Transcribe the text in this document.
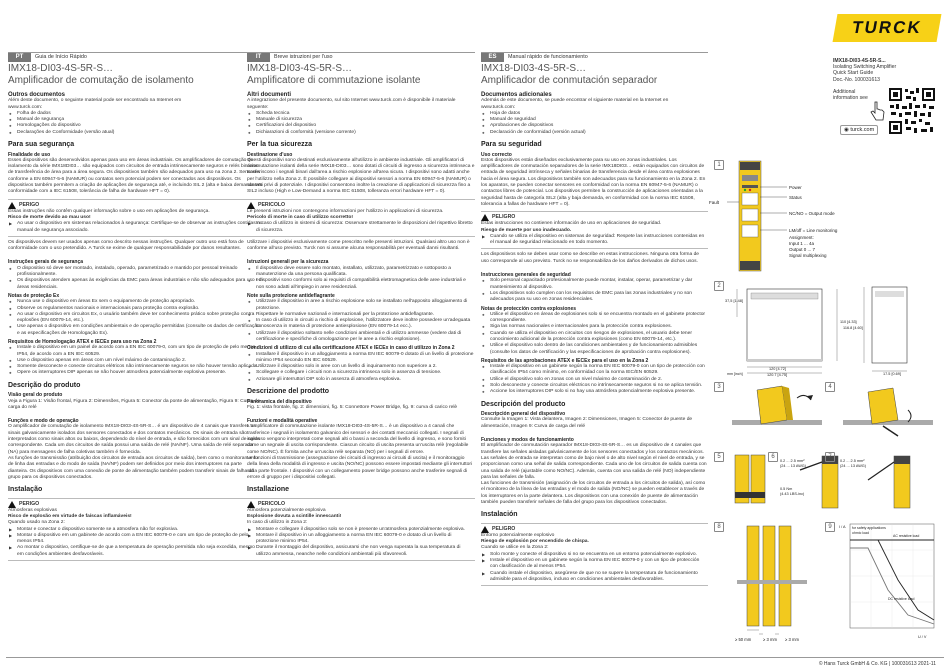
TURCK
PT	Guia de Início Rápido
IMX18-DI03-4S-5R-S…
Amplificador de comutação de isolamento
Outros documentos
Além deste documento, o seguinte material pode ser encontrado na Internet em
www.turck.com:
● Folha de dados
● Manual de segurança
● Homologações do dispositivo
● Declarações de Conformidade (versão atual)
Para sua segurança
Finalidade de uso
Esses dispositivos são desenvolvidos apenas para uso em áreas industriais. Os amplificadores de comutação de isolamento da série IMX18DI03… são equipados com circuitos de entrada intrinsecamente seguros e relés binários de transferência de área para a área segura. Os dispositivos também são adequados para uso na zona 2. Sensores conforme a EN 60947-5-6 (NAMUR) ou contatos sem potencial podem ser conectados aos dispositivos. Os dispositivos também permitem a criação de aplicações de segurança até, e incluindo SIL 2 (alta e baixa demanda em conformidade com a IEC 61508, tolerância de falha de hardware HFT = 0).
PERIGO
Essas instruções não contêm qualquer informação sobre o uso em aplicações de segurança.
Risco de morte devido ao mau uso!
▶ Ao usar o dispositivo em sistemas relacionados à segurança: Certifique-se de observar as instruções contidas no manual de segurança associado.
Os dispositivos devem ser usados apenas como descrito nessas instruções. Qualquer outro uso está fora de conformidade com o uso pretendido. A Turck se exime de qualquer responsabilidade por danos resultantes.
Instruções gerais de segurança
● O dispositivo só deve ser montado, instalado, operado, parametrizado e mantido por pessoal treinado profissionalmente.
● Os dispositivos atendem apenas às exigências da EMC para áreas industriais e não são adequados para uso em áreas residenciais.
Notas de proteção Ex
● Nunca use o dispositivo em áreas Ex sem o equipamento de proteção apropriado.
● Observe os regulamentos nacionais e internacionais para proteção contra explosão.
● Ao usar o dispositivo em circuitos Ex, o usuário também deve ter conhecimento prático sobre proteção contra explosões (EN 60079-14, etc.).
● Use apenas o dispositivo em condições ambientais e de operação permitidas (consulte os dados de certificação e as especificações de Homologação Ex).
Requisitos de Homologação ATEX e IECEx para uso na Zona 2
● Instale o dispositivo em um painel de acordo com a EN IEC 60079-0, com um tipo de proteção de pelo menos IP54, de acordo com a EN IEC 60529.
● Use o dispositivo apenas em áreas com um nível máximo de contaminação 2.
● Somente desconecte e conecte circuitos elétricos não intrinsecamente seguros se não houver tensão aplicada.
● Opere os interruptores DIP apenas se não houver atmosfera potencialmente explosiva presente.
Descrição do produto
Visão geral do produto
Veja a Figura 1: Visão frontal, Figura 2: Dimensões, Figura 5: Conector da ponte de alimentação, Figura 9: Curva de carga do relé
Funções e modo de operação
O amplificador de comutação de isolamento IMX18-DI03-4S-5R-S… é um dispositivo de 4 canais que transfere os sinais galvanicamente isolados dos sensores conectados e dos contatos mecânicos. Os sinais de entrada são interpretados como sinais altos ou baixos, dependendo do nível de entrada, e são fornecidos com um sinal de saída correspondente. Cada um dos circuitos de saída possui uma saída de relé (NA/NF). Uma saída de relé separada (NA) para mensagens de falha coletivas também é fornecida.
As funções de transmissão (atribuição dos circuitos de entrada aos circuitos de saída), bem como o monitoramento de linha das entradas e do modo de saída (NA/NF) podem ser definidos por meio dos interruptores na parte dianteira. Os dispositivos com uma conexão de ponte de alimentação também podem transferir sinais de falha do grupo para os dispositivos conectados.
Instalação
PERIGO
Atmosferas explosivas
Risco de explosão em virtude de faíscas inflamáveis!
Quando usado na Zona 2:
▶ Montar e conectar o dispositivo somente se a atmosfera não for explosiva.
▶ Montar o dispositivo em um gabinete de acordo com a EN IEC 60079-0 e com um tipo de proteção de pelo menos IP54.
▶ Ao montar o dispositivo, certifique-se de que a temperatura de operação permitida não seja excedida, mesmo em condições ambientes desfavoráveis.
IT	Breve istruzioni per l'uso
IMX18-DI03-4S-5R-S…
Amplificatore di commutazione isolante
Altri documenti
A integrazione del presente documento, sul sito Internet www.turck.com è disponibile il materiale seguente:
● Scheda tecnica
● Manuale di sicurezza
● Certificazioni del dispositivo
● Dichiarazioni di conformità (versione corrente)
Per la tua sicurezza
Destinazione d'uso
Questi dispositivi sono destinati esclusivamente all'utilizzo in ambiente industriale. Gli amplificatori di commutazione isolanti della serie IMX18-DI03… sono dotati di circuiti di ingresso a sicurezza intrinseca e trasferiscono i segnali binari dall'area a rischio esplosione all'area sicura. I dispositivi sono adatti anche per l'utilizzo nella Zona 2. È possibile collegare ai dispositivi sensori a norma EN 60947-5-6 (NAMUR) o contatti privi di potenziale. I dispositivi consentono inoltre la creazione di applicazioni di sicurezza fino a SIL2 incluso (High e Low-Demand a norma IEC 61508, tolleranza errori hardware HFT = 0).
PERICOLO
Le presenti istruzioni non contengono informazioni per l'utilizzo in applicazioni di sicurezza.
Pericolo di morte in caso di utilizzo scorretto!
▶ In caso di utilizzo in sistemi di sicurezza: Osservare strettamente le disposizioni del rispettivo libretto di sicurezza.
Utilizzare i dispositivi esclusivamente come prescritto nelle presenti istruzioni. Qualsiasi altro uso non è conforme all'uso previsto. Turck non si assume alcuna responsabilità per eventuali danni risultanti.
Istruzioni generali per la sicurezza
● Il dispositivo deve essere solo montato, installato, utilizzato, parametrizzato e sottoposto a manutenzione da una persona qualificata.
● I dispositivi sono conformi solo ai requisiti di compatibilità elettromagnetica delle aree industriali e non sono adatti all'impiego in aree residenziali.
Note sulla protezione antideflagrante
● Utilizzare il dispositivo in aree a rischio esplosione solo se installato nell'apposito alloggiamento di protezione.
● Rispettare le normative nazionali e internazionali per la protezione antideflagrante.
● In caso di utilizzo in circuiti a rischio di esplosione, l'utilizzatore deve inoltre possedere un'adeguata conoscenza in materia di protezione antiesplosione (EN 60079-14 ecc.).
● Utilizzare il dispositivo soltanto nelle condizioni ambientali e di utilizzo ammesse (vedere dati di certificazione e specifiche di omologazione per le aree a rischio esplosione).
Condizioni di utilizzo di cui alla certificazione ATEX e IECEx in caso di utilizzo in Zona 2
● Installare il dispositivo in un alloggiamento a norma EN IEC 60079-0 dotato di un livello di protezione minimo IP54 secondo EN IEC 60529.
● Utilizzare il dispositivo solo in aree con un livello di inquinamento non superiore a 2.
● Scollegare e collegare i circuiti non a sicurezza intrinseca solo in assenza di tensione.
● Azionare gli interruttori DIP solo in assenza di atmosfera esplosiva.
Descrizione del prodotto
Panoramica del dispositivo
Fig. 1: vista frontale, fig. 2: dimensioni, fig. 5: Connettore Power Bridge, fig. 9: curva di carico relè
Funzioni e modalità operative
L'amplificatore di commutazione isolante IMX18-DI03-4S-5R-S… è un dispositivo a 4 canali che trasferisce i segnali in isolamento galvanico dei sensori e dei contatti meccanici collegati. I segnali di ingresso vengono interpretati come segnali alti o bassi a seconda del livello di ingresso, e sono forniti come un segnale di uscita corrispondente. Ciascun circuito di uscita presenta un'uscita relè (regolabile come NO/NC). È fornita anche un'uscita relè separata (NO) per i segnali di errore.
Le funzioni di trasmissione (assegnazione dei circuiti di ingresso ai circuiti di uscita) e il monitoraggio della linea della modalità di ingresso e uscita (NO/NC) possono essere impostati mediante gli interruttori sulla parte frontale. I dispositivi con un collegamento power bridge possono anche trasferire segnali di errore di gruppo per i dispositivi collegati.
Installazione
PERICOLO
Atmosfera potenzialmente esplosiva
Esplosione dovuta a scintille innescanti!
In caso di utilizzo in Zona 2:
▶ Montare e collegare il dispositivo solo se non è presente un'atmosfera potenzialmente esplosiva.
▶ Montare il dispositivo in un alloggiamento a norma EN IEC 60079-0 e dotato di un livello di protezione minimo IP54.
▶ Durante il montaggio del dispositivo, assicurarsi che non venga superata la sua temperatura di utilizzo ammessa, neanche nelle condizioni ambientali più sfavorevoli.
ES	Manual rápido de funcionamiento
IMX18-DI03-4S-5R-S…
Amplificador de conmutación separador
Documentos adicionales
Además de este documento, se puede encontrar el siguiente material en la Internet en
www.turck.com:
● Hoja de datos
● Manual de seguridad
● Aprobaciones de dispositivos
● Declaración de conformidad (versión actual)
Para su seguridad
Uso correcto
Estos dispositivos están diseñados exclusivamente para su uso en zonas industriales. Los amplificadores de conmutación separadores de la serie IMX18DI03… están equipados con circuitos de entrada de seguridad intrínseca y señales binarias de transferencia desde el área contra explosiones hacia el área segura. Los dispositivos también son adecuados para su funcionamiento en la Zona 2. En los aparatos, se pueden conectar sensores en conformidad con la norma EN 60947-5-6 (NAMUR) o contactos libres de potencial. Los dispositivos permiten la construcción de aplicaciones orientadas a la seguridad hasta de categoría SIL2 (alta y baja demanda, en conformidad con la norma IEC 61508, tolerancia a fallas de hardware HFT = 0).
PELIGRO
Estas instrucciones no contienen información de uso en aplicaciones de seguridad.
Riesgo de muerte por uso inadecuado.
▶ Cuando se utiliza el dispositivo en sistemas de seguridad: Respete las instrucciones contenidas en el manual de seguridad relacionado en todo momento.
Los dispositivos solo se deben usar como se describe en estas instrucciones. Ninguna otra forma de uso corresponde al uso previsto. Turck no se responsabiliza de los daños derivados de dichos usos.
Instrucciones generales de seguridad
● Solo personal capacitado profesionalmente puede montar, instalar, operar, parametrizar y dar mantenimiento al dispositivo.
● Los dispositivos solo cumplen con los requisitos de EMC para las zonas industriales y no son adecuados para su uso en zonas residenciales.
Notas de protección contra explosiones
● Utilice el dispositivo en áreas de explosiones solo si se encuentra montado en el gabinete protector correspondiente.
● Siga las normas nacionales e internacionales para la protección contra explosiones.
● Cuando se utiliza el dispositivo en circuitos con riesgos de explosiones, el usuario debe tener conocimiento adicional de la protección contra explosiones (como EN 60079-14, etc.).
● Utilice el dispositivo solo dentro de las condiciones ambientales y de funcionamiento admisibles (consulte los datos de certificación y las especificaciones de aprobación contra explosiones).
Requisitos de las aprobaciones ATEX e IECEx para el uso en la Zona 2
● Instale el dispositivo en un gabinete según la norma EN IEC 60079-0 con un tipo de protección con clasificación IP54 como mínimo, en conformidad con la norma IEC/EN 60529.
● Utilice el dispositivo solo en zonas con un nivel máximo de contaminación de 2.
● Solo desconecte y conecte circuitos eléctricos no intrínsecamente seguros si no se aplica tensión.
● Accione los interruptores DIP solo si no hay una atmósfera potencialmente explosiva presente.
Descripción del producto
Descripción general del dispositivo
Consulte la Imagen 1: Vista delantera, Imagen 2: Dimensiones, Imagen 5: Conector de puente de alimentación, Imagen 9: Curva de carga del relé
Funciones y modos de funcionamiento
El amplificador de conmutación separador IMX18-DI03-4S-5R-S… es un dispositivo de 4 canales que transfiere las señales aisladas galvánicamente de los sensores conectados y los contactos mecánicos. Las señales de entrada se interpretan como de bajo nivel o de alto nivel según el nivel de entrada, y se proporcionan como una señal de salida correspondiente. Cada uno de los circuitos de salida cuenta con una salida de relé (ajustable como NO/NC). Además, cuenta con una salida de relé (NO) independiente para las señales de falla.
Las funciones de transmisión (asignación de los circuitos de entrada a los circuitos de salida), así como el monitoreo de la línea de las entradas y el modo de salida (NO/NC) se pueden establecer a través de los interruptores en la parte delantera. Los dispositivos con una conexión de puente de alimentación también pueden transferir señales de falla del grupo para los dispositivos conectados.
Instalación
PELIGRO
Entorno potencialmente explosivo
Riesgo de explosión por encendido de chispa.
Cuando se utilice en la Zona 2:
▶ Solo monte y conecte el dispositivo si no se encuentra en un entorno potencialmente explosivo.
▶ Instale el dispositivo en un gabinete según la norma EN IEC 60079-0 y con un tipo de protección con clasificación de al menos IP54.
▶ Cuando instale el dispositivo, asegúrese de que no se supere la temperatura de funcionamiento admisible para el dispositivo, incluso en condiciones ambientales desfavorables.
IMX18-DI03-4S-5R-S...
Isolating Switching Amplifier
Quick Start Guide
Doc.-No. 100031613
Additional information see
◉ turck.com
1
Power
Status
NC/NO = Output mode
LM/off = Line monitoring
Assignment:
Input 1 ... 4a
Output 0 ... 7
Signal multiplexing
Fault
2
37,5 [1.48]
110 [4.33]
116.8 [4.60]
120 [4.72]
120.7 [4.75]	17.5 [0.69]
mm [inch]
3	4
5	6
0.2 ... 2.5 mm²
(24 ... 13 AWG)
0.5 Nm
(4.43 LBS-inc)
7
0.2 ... 2.5 mm²
(24 ... 13 AWG)
8
≥ 50 mm	≥ 3 mm ≥ 3 mm
9	for safety applications
ohmic load
AC resistive load
DC resistive load
I / A
U / V
© Hans Turck GmbH & Co. KG | 100031613 2021-11
